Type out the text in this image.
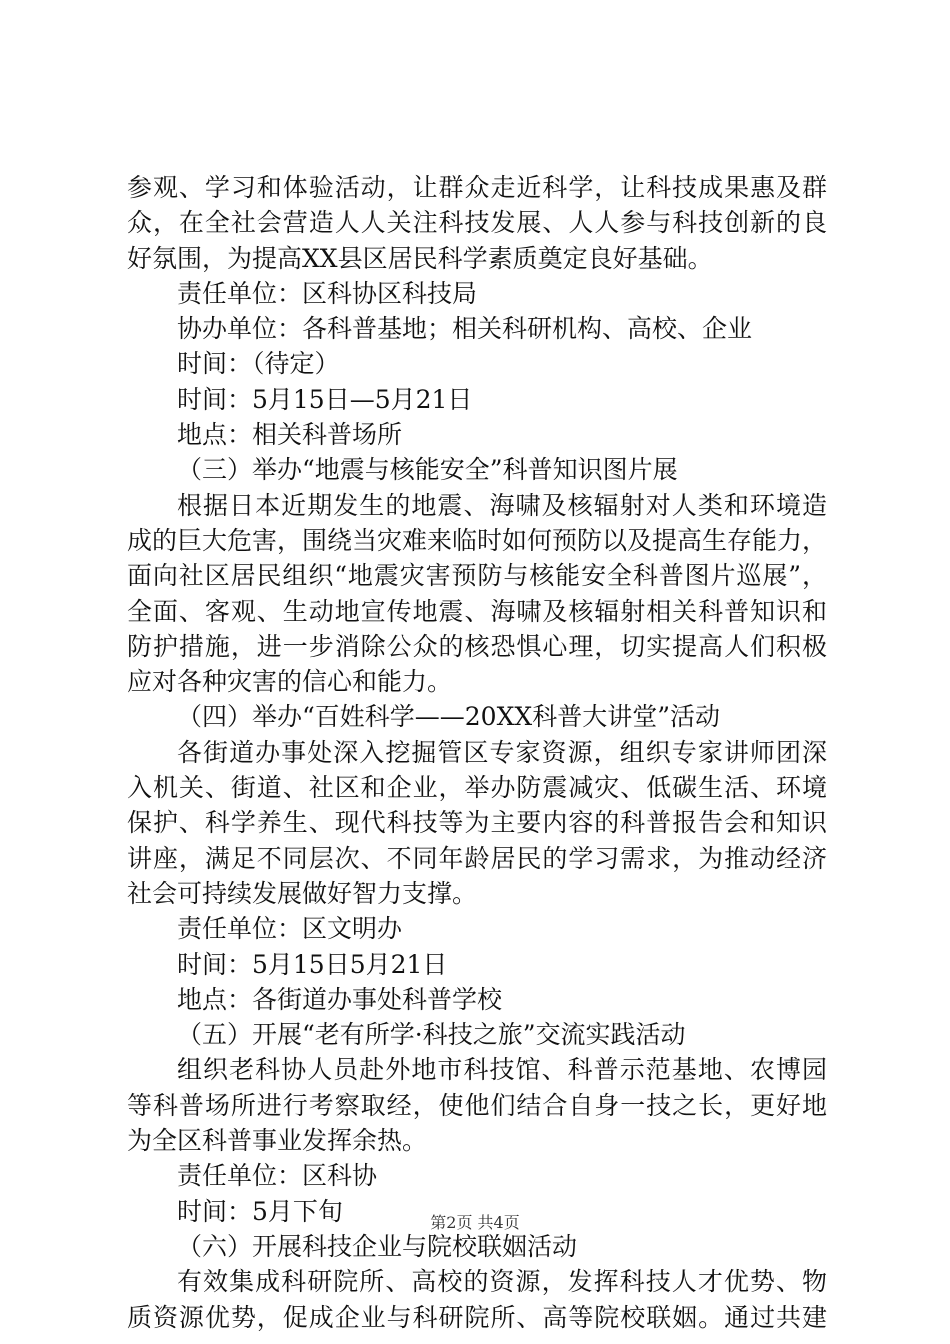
参观、学习和体验活动，让群众走近科学，让科技成果惠及群
众，在全社会营造人人关注科技发展、人人参与科技创新的良
好氛围，为提高XX县区居民科学素质奠定良好基础。
责任单位：区科协区科技局
协办单位：各科普基地；相关科研机构、高校、企业
时间：（待定）
时间：5月15日—5月21日
地点：相关科普场所
（三）举办“地震与核能安全”科普知识图片展
根据日本近期发生的地震、海啸及核辐射对人类和环境造
成的巨大危害，围绕当灾难来临时如何预防以及提高生存能力，
面向社区居民组织“地震灾害预防与核能安全科普图片巡展”，
全面、客观、生动地宣传地震、海啸及核辐射相关科普知识和
防护措施，进一步消除公众的核恐惧心理，切实提高人们积极
应对各种灾害的信心和能力。
（四）举办“百姓科学——20XX科普大讲堂”活动
各街道办事处深入挖掘管区专家资源，组织专家讲师团深
入机关、街道、社区和企业，举办防震减灾、低碳生活、环境
保护、科学养生、现代科技等为主要内容的科普报告会和知识
讲座，满足不同层次、不同年龄居民的学习需求，为推动经济
社会可持续发展做好智力支撑。
责任单位：区文明办
时间：5月15日5月21日
地点：各街道办事处科普学校
（五）开展“老有所学·科技之旅”交流实践活动
组织老科协人员赴外地市科技馆、科普示范基地、农博园
等科普场所进行考察取经，使他们结合自身一技之长，更好地
为全区科普事业发挥余热。
责任单位：区科协
时间：5月下旬
（六）开展科技企业与院校联姻活动
有效集成科研院所、高校的资源，发挥科技人才优势、物
质资源优势，促成企业与科研院所、高等院校联姻。通过共建
第2页 共4页
